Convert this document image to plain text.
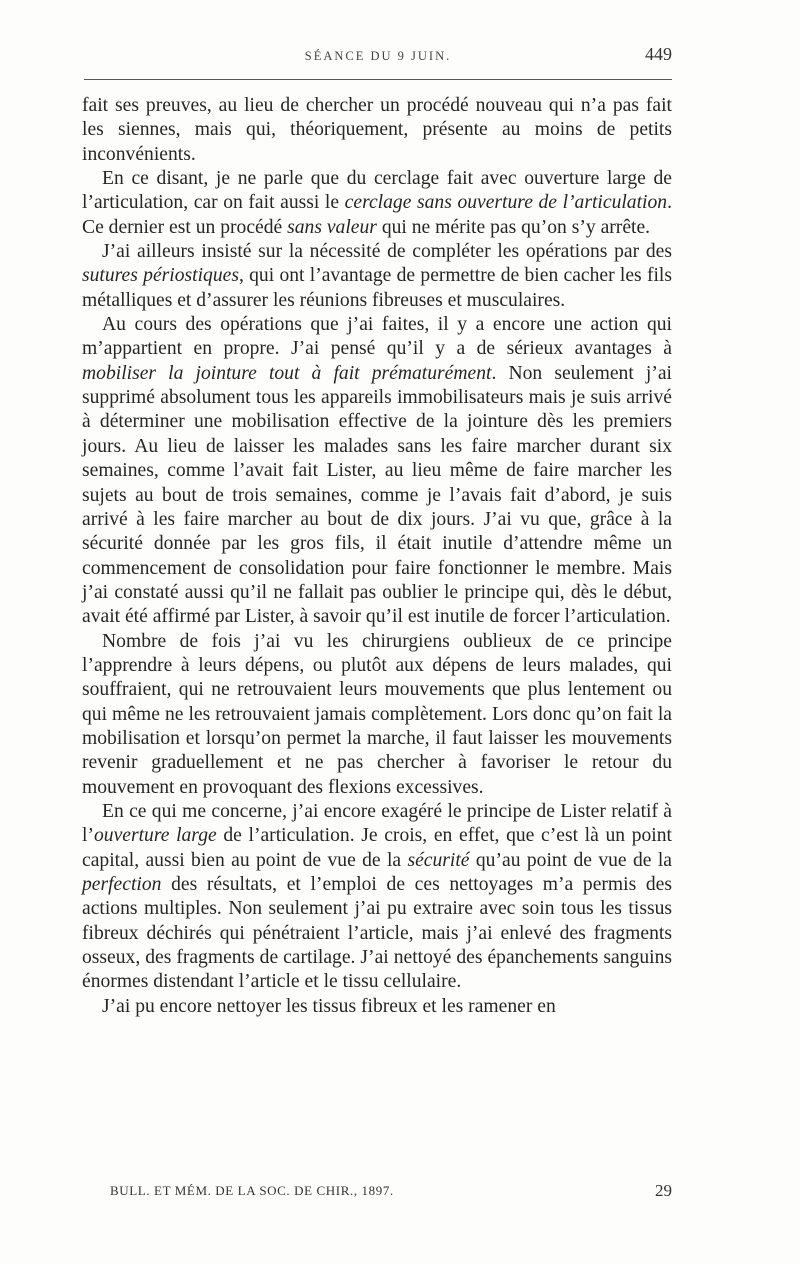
SÉANCE DU 9 JUIN.	449

fait ses preuves, au lieu de chercher un procédé nouveau qui n’a pas fait les siennes, mais qui, théoriquement, présente au moins de petits inconvénients.

En ce disant, je ne parle que du cerclage fait avec ouverture large de l’articulation, car on fait aussi le cerclage sans ouverture de l’articulation. Ce dernier est un procédé sans valeur qui ne mérite pas qu’on s’y arrête.

J’ai ailleurs insisté sur la nécessité de compléter les opérations par des sutures périostiques, qui ont l’avantage de permettre de bien cacher les fils métalliques et d’assurer les réunions fibreuses et musculaires.

Au cours des opérations que j’ai faites, il y a encore une action qui m’appartient en propre. J’ai pensé qu’il y a de sérieux avantages à mobiliser la jointure tout à fait prématurément. Non seulement j’ai supprimé absolument tous les appareils immobilisateurs mais je suis arrivé à déterminer une mobilisation effective de la jointure dès les premiers jours. Au lieu de laisser les malades sans les faire marcher durant six semaines, comme l’avait fait Lister, au lieu même de faire marcher les sujets au bout de trois semaines, comme je l’avais fait d’abord, je suis arrivé à les faire marcher au bout de dix jours. J’ai vu que, grâce à la sécurité donnée par les gros fils, il était inutile d’attendre même un commencement de consolidation pour faire fonctionner le membre. Mais j’ai constaté aussi qu’il ne fallait pas oublier le principe qui, dès le début, avait été affirmé par Lister, à savoir qu’il est inutile de forcer l’articulation.

Nombre de fois j’ai vu les chirurgiens oublieux de ce principe l’apprendre à leurs dépens, ou plutôt aux dépens de leurs malades, qui souffraient, qui ne retrouvaient leurs mouvements que plus lentement ou qui même ne les retrouvaient jamais complètement. Lors donc qu’on fait la mobilisation et lorsqu’on permet la marche, il faut laisser les mouvements revenir graduellement et ne pas chercher à favoriser le retour du mouvement en provoquant des flexions excessives.

En ce qui me concerne, j’ai encore exagéré le principe de Lister relatif à l’ouverture large de l’articulation. Je crois, en effet, que c’est là un point capital, aussi bien au point de vue de la sécurité qu’au point de vue de la perfection des résultats, et l’emploi de ces nettoyages m’a permis des actions multiples. Non seulement j’ai pu extraire avec soin tous les tissus fibreux déchirés qui pénétraient l’article, mais j’ai enlevé des fragments osseux, des fragments de cartilage. J’ai nettoyé des épanchements sanguins énormes distendant l’article et le tissu cellulaire.

J’ai pu encore nettoyer les tissus fibreux et les ramener en

BULL. ET MÉM. DE LA SOC. DE CHIR., 1897.	29
